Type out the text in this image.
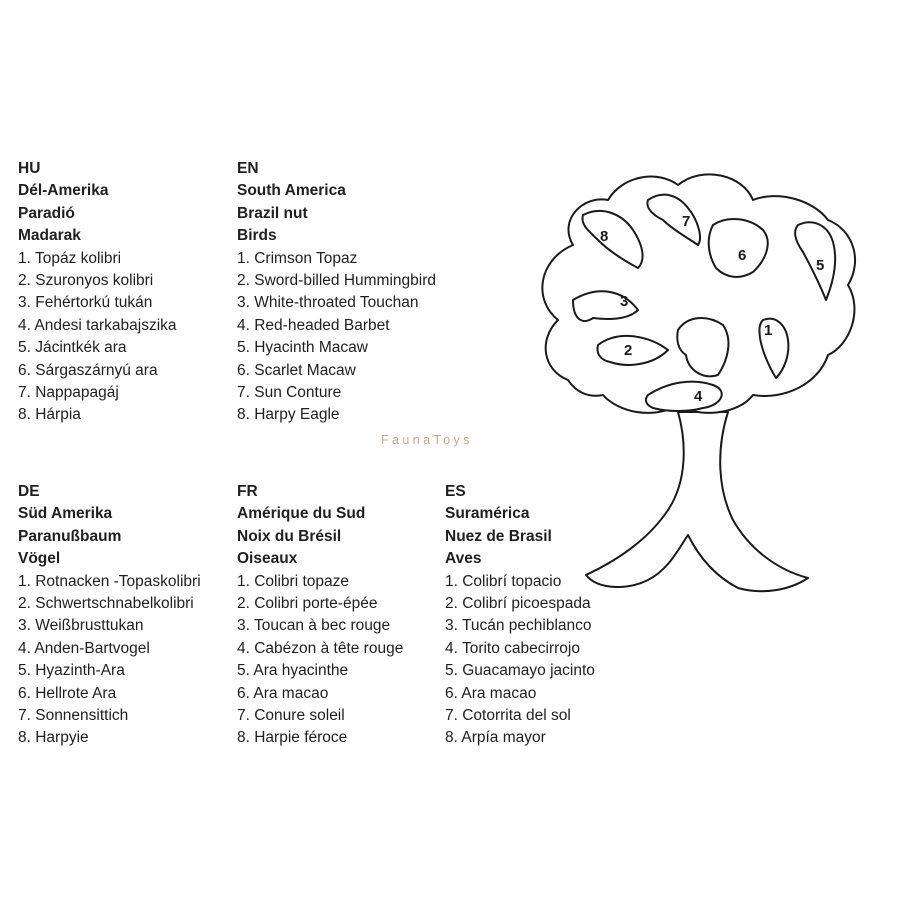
HU
Dél-Amerika
Paradió
Madarak
1. Topáz kolibri
2. Szuronyos kolibri
3. Fehértorkú tukán
4. Andesi tarkabajszika
5. Jácintkék ara
6. Sárgaszárnyú ara
7. Nappapagáj
8. Hárpia
EN
South America
Brazil nut
Birds
1. Crimson Topaz
2. Sword-billed Hummingbird
3. White-throated Touchan
4. Red-headed Barbet
5. Hyacinth Macaw
6. Scarlet Macaw
7. Sun Conture
8. Harpy Eagle
FaunaToys
DE
Süd Amerika
Paranußbaum
Vögel
1. Rotnacken -Topaskolibri
2. Schwertschnabelkolibri
3. Weißbrusttukan
4. Anden-Bartvogel
5. Hyazinth-Ara
6. Hellrote Ara
7. Sonnensittich
8. Harpyie
FR
Amérique du Sud
Noix du Brésil
Oiseaux
1. Colibri topaze
2. Colibri porte-épée
3. Toucan à bec rouge
4. Cabézon à tête rouge
5. Ara hyacinthe
6. Ara macao
7. Conure soleil
8. Harpie féroce
ES
Suramérica
Nuez de Brasil
Aves
1. Colibrí topacio
2. Colibrí picoespada
3. Tucán pechiblanco
4. Torito cabecirrojo
5. Guacamayo jacinto
6. Ara macao
7. Cotorrita del sol
8. Arpía mayor
1
2
3
4
5
6
7
8
